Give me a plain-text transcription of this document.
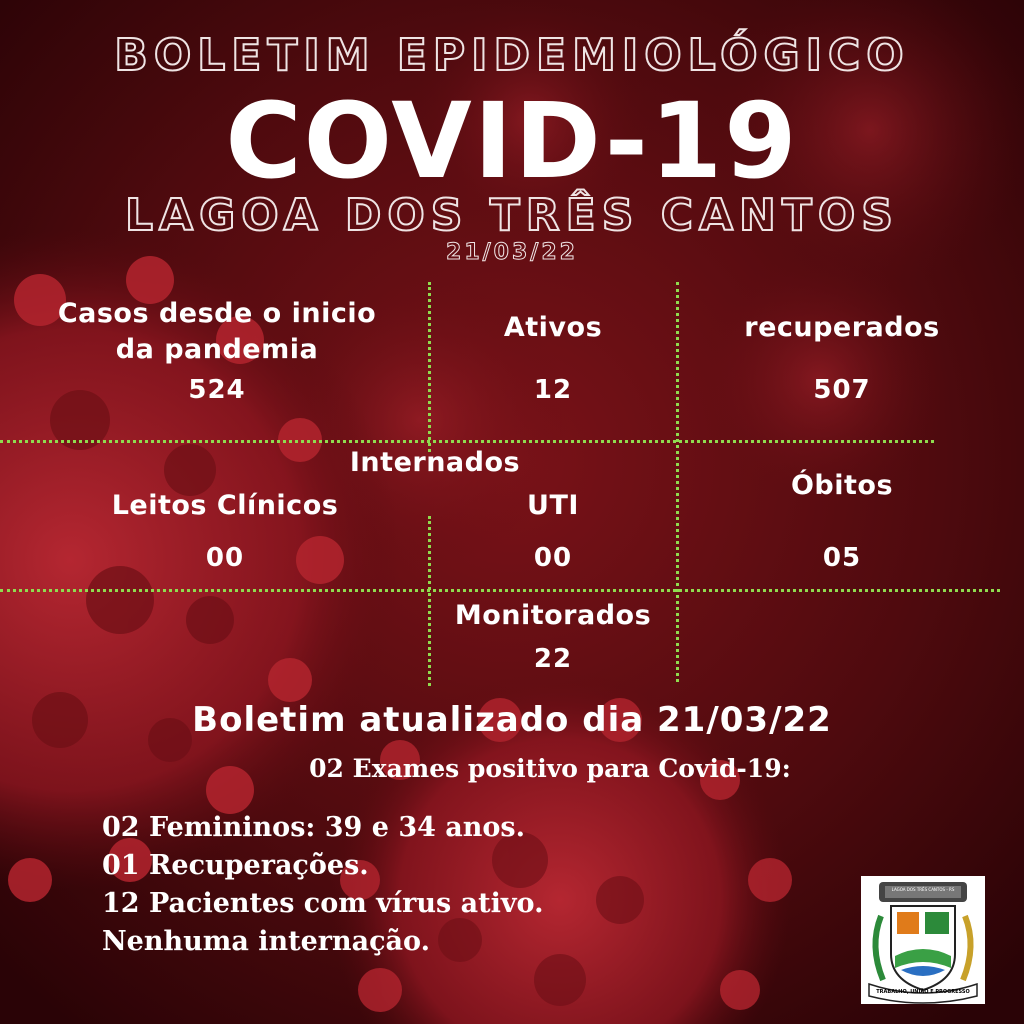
BOLETIM EPIDEMIOLÓGICO
COVID-19
LAGOA DOS TRÊS CANTOS
21/03/22
Casos desde o inicio da pandemia
524
Ativos
12
recuperados
507
Internados
Leitos Clínicos
00
UTI
00
Óbitos
05
Monitorados
22
Boletim atualizado dia 21/03/22
02 Exames positivo para Covid-19:
02 Femininos: 39 e 34 anos.
01 Recuperações.
12 Pacientes com vírus ativo.
Nenhuma internação.
LAGOA DOS TRÊS CANTOS - RS
TRABALHO, UNIÃO E PROGRESSO
